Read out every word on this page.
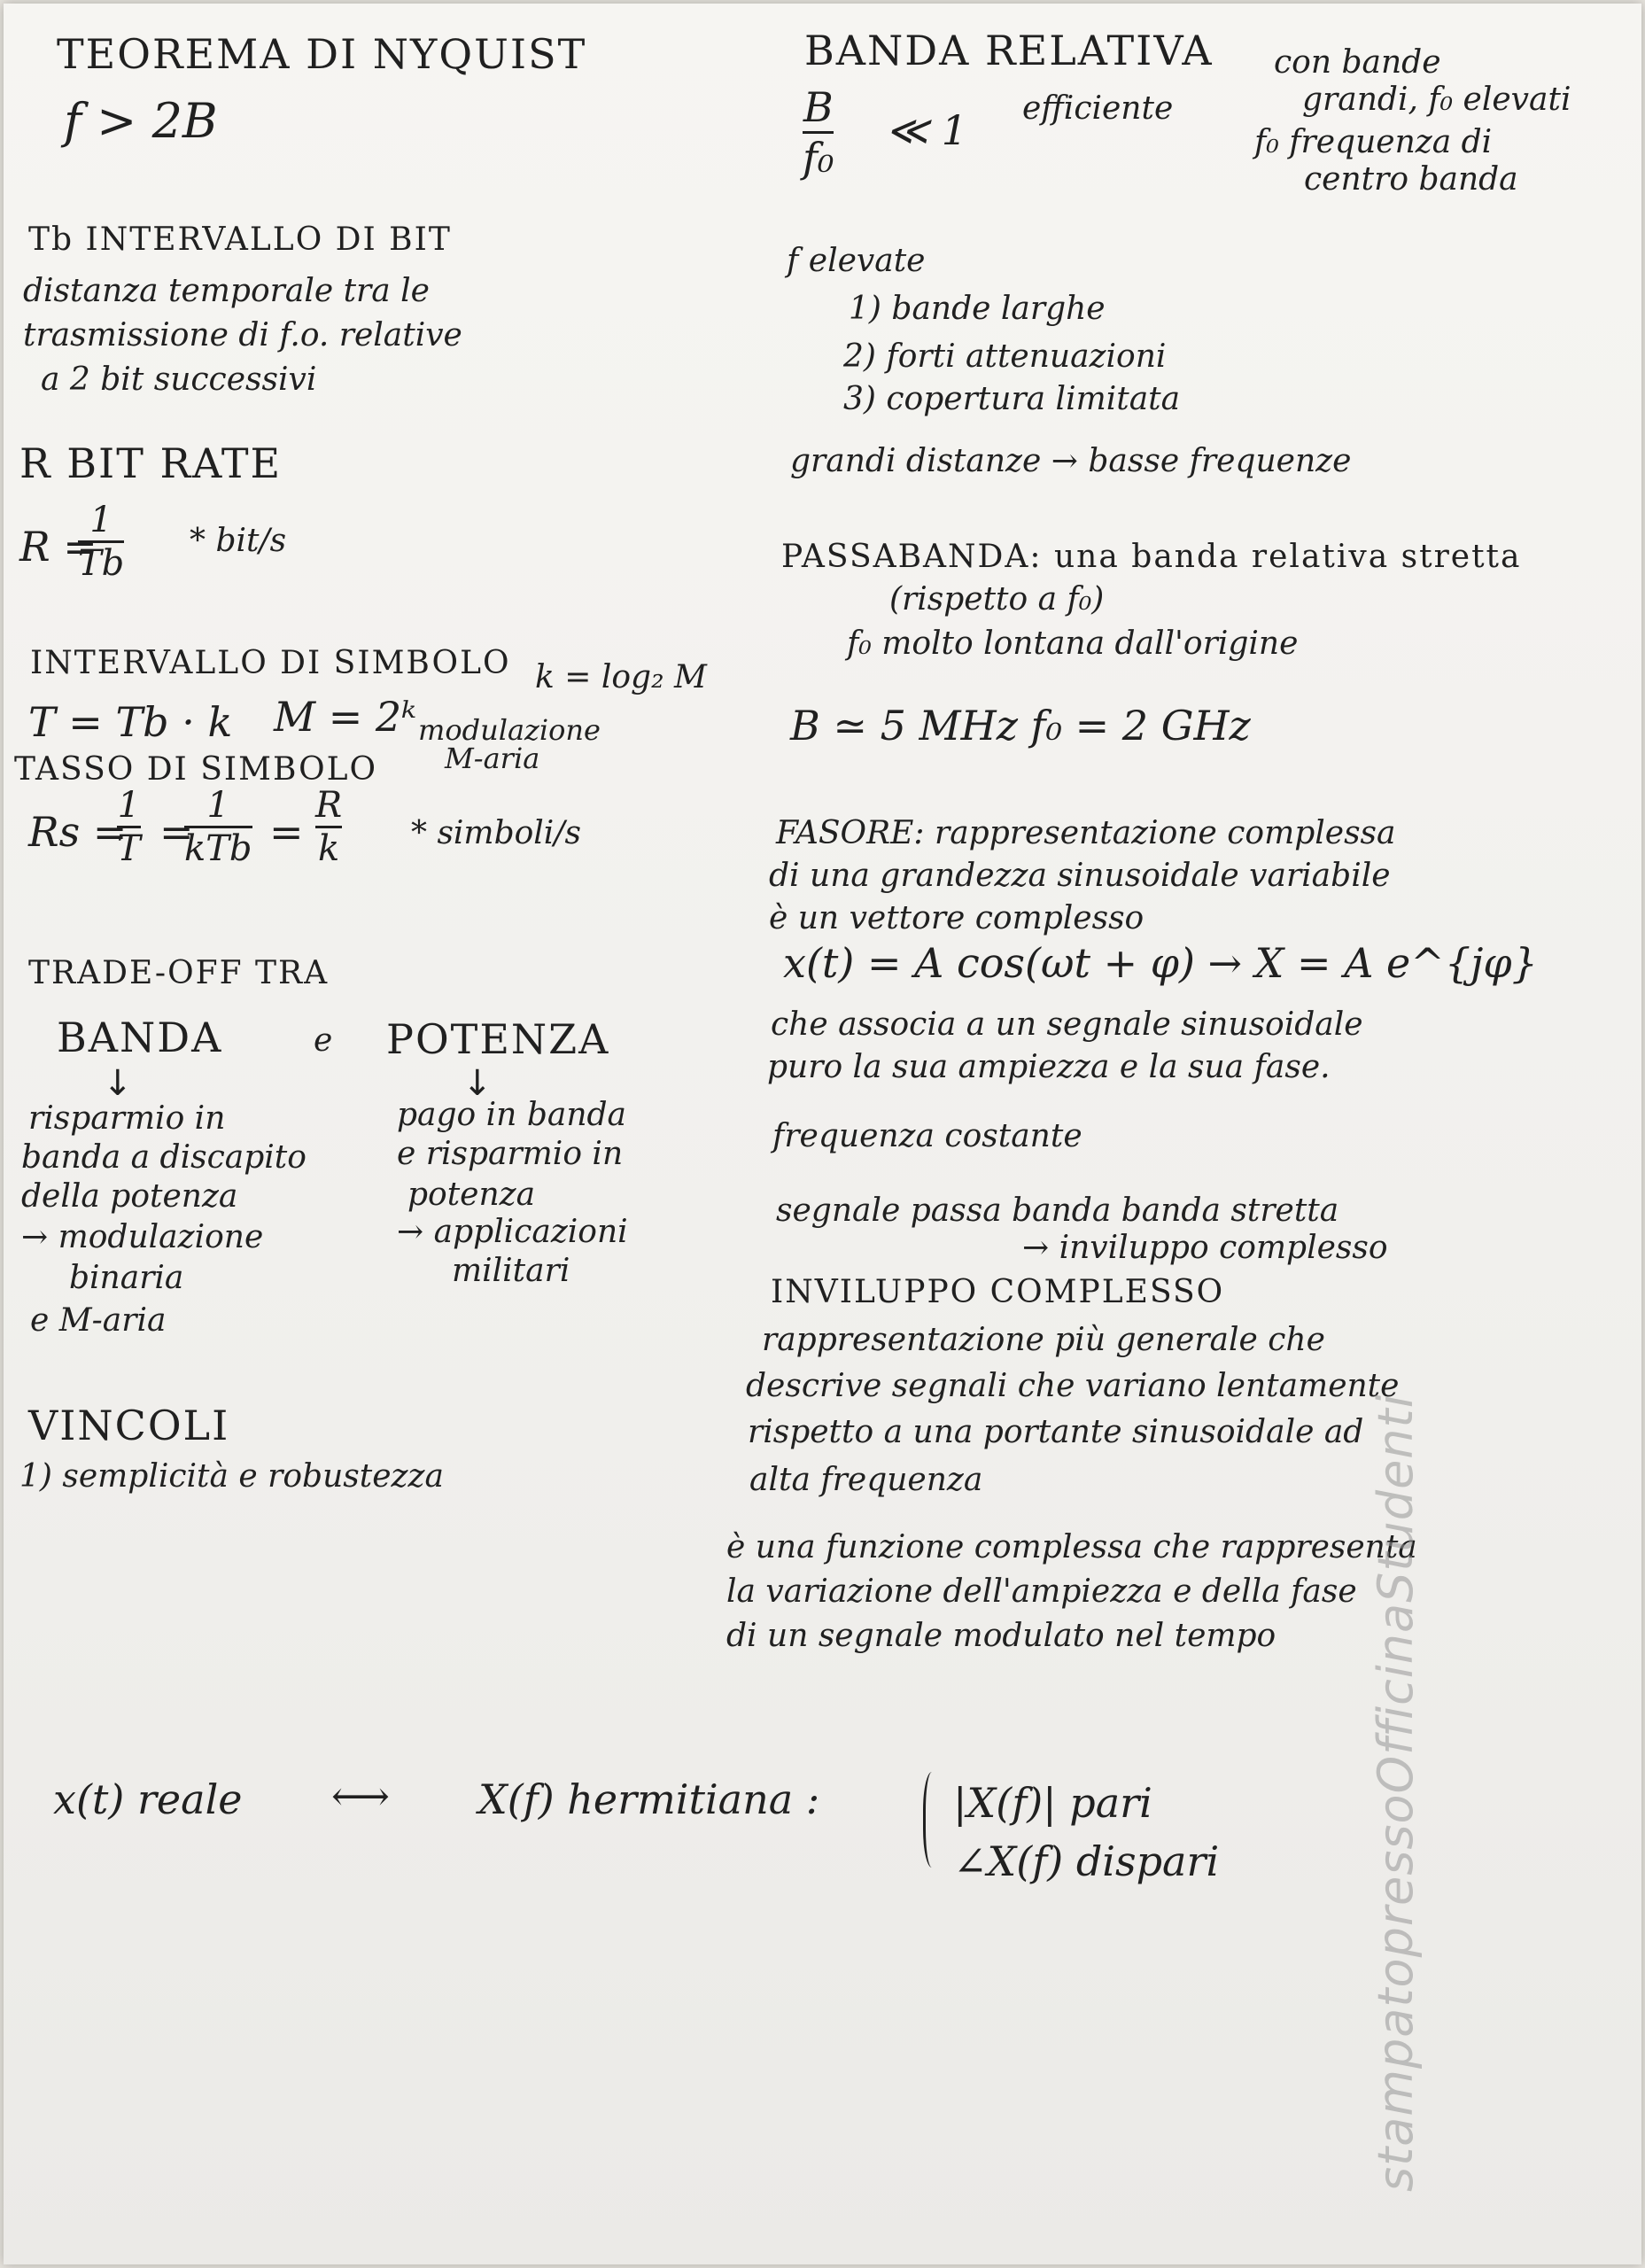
TEOREMA DI NYQUIST

f > 2B

Tb INTERVALLO DI BIT

distanza temporale tra le

trasmissione di f.o. relative

a 2 bit successivi

R BIT RATE

R =

1
Tb

* bit/s

INTERVALLO DI SIMBOLO k = log₂ M

T = Tb · k M = 2ᵏ modulazione

M-aria

TASSO DI SIMBOLO

Rs =

1
T =

1
kTb =

R
k * simboli/s

TRADE-OFF TRA

BANDA	e POTENZA

↓	↓

risparmio in

banda a discapito

della potenza

→ modulazione

binaria

e M-aria

pago in banda

e risparmio in

potenza

→ applicazioni

militari

VINCOLI

1) semplicità e robustezza

x(t) reale ⟷ X(f) hermitiana :	|X(f)| pari

∠X(f) dispari

BANDA RELATIVA

B
f₀

≪ 1 efficiente

con bande

grandi, f₀ elevati

f₀ frequenza di

centro banda

f elevate

1) bande larghe

2) forti attenuazioni

3) copertura limitata

grandi distanze → basse frequenze

PASSABANDA: una banda relativa stretta

(rispetto a f₀)

f₀ molto lontana dall'origine

B ≃ 5 MHz f₀ = 2 GHz

FASORE: rappresentazione complessa

di una grandezza sinusoidale variabile

è un vettore complesso

x(t) = A cos(ωt + φ) → X = A e^{jφ}

che associa a un segnale sinusoidale

puro la sua ampiezza e la sua fase.

frequenza costante

segnale passa banda banda stretta

→ inviluppo complesso

INVILUPPO COMPLESSO

rappresentazione più generale che

descrive segnali che variano lentamente

rispetto a una portante sinusoidale ad

alta frequenza

è una funzione complessa che rappresenta

la variazione dell'ampiezza e della fase

di un segnale modulato nel tempo stampatopressoOfficinaStudenti
